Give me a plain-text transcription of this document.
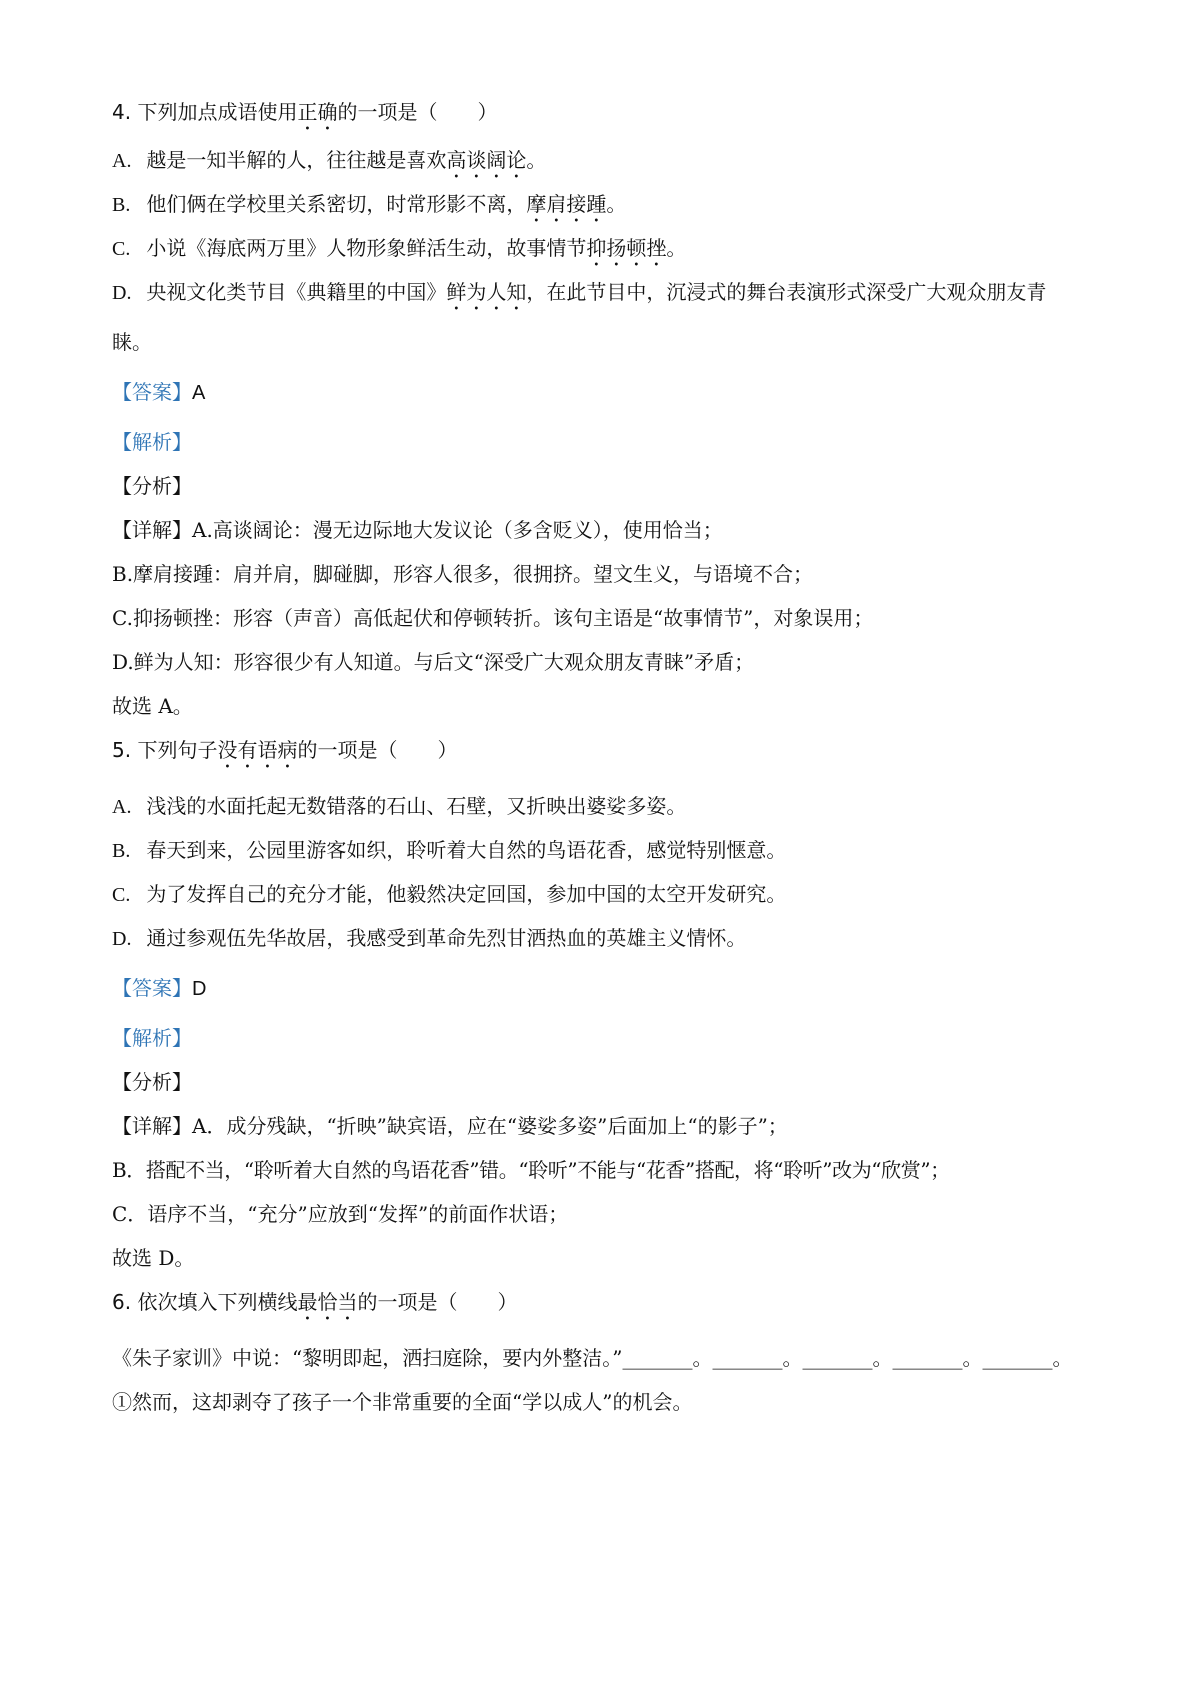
4. 下列加点成语使用正确的一项是（　　）
A. 越是一知半解的人，往往越是喜欢高谈阔论。
B. 他们俩在学校里关系密切，时常形影不离，摩肩接踵。
C. 小说《海底两万里》人物形象鲜活生动，故事情节抑扬顿挫。
D. 央视文化类节目《典籍里的中国》鲜为人知，在此节目中，沉浸式的舞台表演形式深受广大观众朋友青
睐。
【答案】A
【解析】
【分析】
【详解】A.高谈阔论：漫无边际地大发议论（多含贬义），使用恰当；
B.摩肩接踵：肩并肩，脚碰脚，形容人很多，很拥挤。望文生义，与语境不合；
C.抑扬顿挫：形容（声音）高低起伏和停顿转折。该句主语是“故事情节”，对象误用；
D.鲜为人知：形容很少有人知道。与后文“深受广大观众朋友青睐”矛盾；
故选 A。
5. 下列句子没有语病的一项是（　　）
A. 浅浅的水面托起无数错落的石山、石壁，又折映出婆娑多姿。
B. 春天到来，公园里游客如织，聆听着大自然的鸟语花香，感觉特别惬意。
C. 为了发挥自己的充分才能，他毅然决定回国，参加中国的太空开发研究。
D. 通过参观伍先华故居，我感受到革命先烈甘洒热血的英雄主义情怀。
【答案】D
【解析】
【分析】
【详解】A．成分残缺，“折映”缺宾语，应在“婆娑多姿”后面加上“的影子”；
B．搭配不当，“聆听着大自然的鸟语花香”错。“聆听”不能与“花香”搭配，将“聆听”改为“欣赏”；
C．语序不当，“充分”应放到“发挥”的前面作状语；
故选 D。
6. 依次填入下列横线最恰当的一项是（　　）
《朱子家训》中说：“黎明即起，洒扫庭除，要内外整洁。”_______。_______。_______。_______。_______。
①然而，这却剥夺了孩子一个非常重要的全面“学以成人”的机会。
